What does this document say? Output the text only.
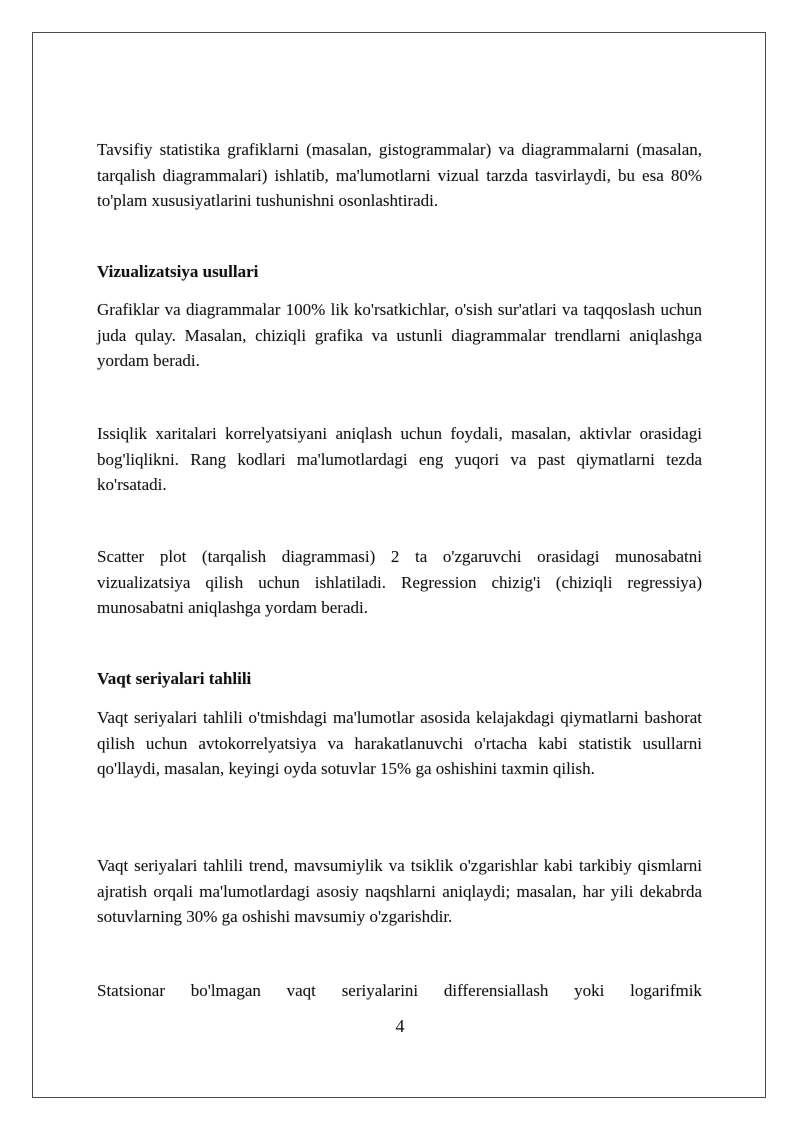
Tavsifiy statistika grafiklarni (masalan, gistogrammalar) va diagrammalarni (masalan, tarqalish diagrammalari) ishlatib, ma'lumotlarni vizual tarzda tasvirlaydi, bu esa 80% to'plam xususiyatlarini tushunishni osonlashtiradi.

Vizualizatsiya usullari

Grafiklar va diagrammalar 100% lik ko'rsatkichlar, o'sish sur'atlari va taqqoslash uchun juda qulay. Masalan, chiziqli grafika va ustunli diagrammalar trendlarni aniqlashga yordam beradi.

Issiqlik xaritalari korrelyatsiyani aniqlash uchun foydali, masalan, aktivlar orasidagi bog'liqlikni. Rang kodlari ma'lumotlardagi eng yuqori va past qiymatlarni tezda ko'rsatadi.

Scatter plot (tarqalish diagrammasi) 2 ta o'zgaruvchi orasidagi munosabatni vizualizatsiya qilish uchun ishlatiladi. Regression chizig'i (chiziqli regressiya) munosabatni aniqlashga yordam beradi.

Vaqt seriyalari tahlili

Vaqt seriyalari tahlili o'tmishdagi ma'lumotlar asosida kelajakdagi qiymatlarni bashorat qilish uchun avtokorrelyatsiya va harakatlanuvchi o'rtacha kabi statistik usullarni qo'llaydi, masalan, keyingi oyda sotuvlar 15% ga oshishini taxmin qilish.

Vaqt seriyalari tahlili trend, mavsumiylik va tsiklik o'zgarishlar kabi tarkibiy qismlarni ajratish orqali ma'lumotlardagi asosiy naqshlarni aniqlaydi; masalan, har yili dekabrda sotuvlarning 30% ga oshishi mavsumiy o'zgarishdir.

Statsionar bo'lmagan vaqt seriyalarini differensiallash yoki logarifmik
4
